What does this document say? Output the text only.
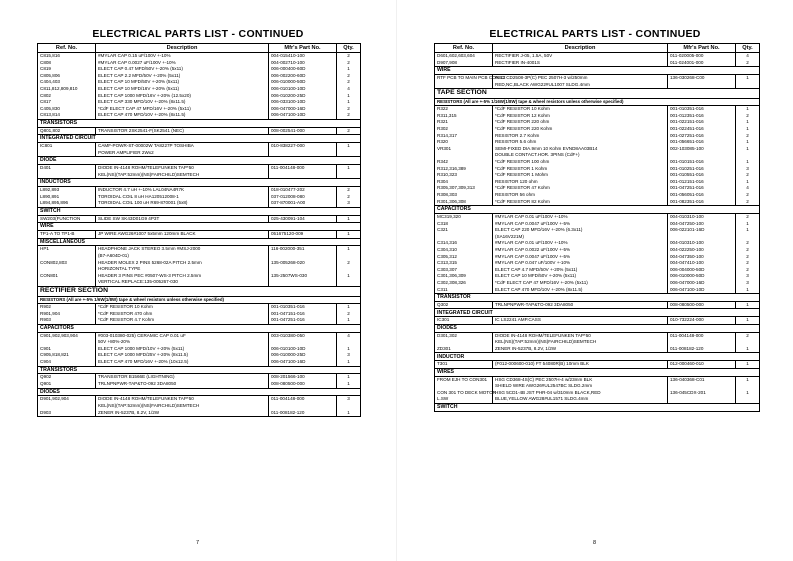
ELECTRICAL PARTS LIST - CONTINUED
Ref. No.	Description	Mfr's Part No.	Qty.
C815,816	#MYLAR CAP 0.15 uF/100V +-10%	004-015410-100	2
C808	#MYLAR CAP 0.0027 uF/100V +-10%	004-002710-100	2
C819	ELECT CAP 0.47 MFD/50V +-20% (5x11)	006-000400-60D	1
C805,806	ELECT CAP 2.2 MFD/50V +-20% (5x11)	006-002200-60D	2
C404,403	ELECT CAP 10 MFD/50V +-20% (5x11)	006-010000-50D	2
C811,812,809,810	ELECT CAP 10 MFD/16V +-20% (5x11)	006-010100-10D	4
C802	ELECT CAP 1000 MFD/16V +-20% (12.5x20)	006-010200-25D	1
C817	ELECT CAP 330 MFD/10V +-20% (8x11.5)	006-033100-10D	1
C405,830	*CdF ELECT CAP 47 MFD/16V +-20% (5x11)	006-047000-16D	2
C813,814	ELECT CAP 470 MFD/10V +-20% (8x11.5)	006-047100-10D	2
TRANSISTORS			
Q801,802	TRANSISTOR 2SK2541-F(SK2541 (NEC)	008-002541-000	2
INTEGRATED CIRCUIT			
IC801	CAMF-POWR-ST-00002W TA8227P TOSHIBA	010-838227-000	1
	POWER AMPLIFIER 2Wx2		
DIODE			
D401	DIODE IN-4148 ROHM/TELEFUNKEN TAP*50	011-004148-000	1
	KEL(NS)(TAP:52mm)(NS)FAIRCHILD)SEMTECH		
INDUCTORS			
L892,893	INDUCTOR 4.7 uH +-10% LAL04NA4R7K	018-010477-202	2
L890,891	TOROIDAL COIL 8 uH HA120512008-1	037-012008-080	2
L894,895,896	TOROIDAL COIL 100 uH R69-870001 (5x8)	037-870001-A00	3
SWITCH			
SW203(FUNCTION	SLIDE SW SK43D01G9 4P3T	025-430091-104	1
WIRE			
TP1-A TO TP1-B	JP WIRE AWG26#1007 5x5mm 120mm BLACK	051675120-009	1
MISCELLANEOUS			
HP1	HEADPHONE JACK STEREO 3.5mm #MSJ-2000	116-002000-351	1
	(B7-A604D-01)		
CON802,803	HEADER MOLEX 2 PINS 5268-02A PITCH 2.5mm	135-005268-020	2
	HORIZONTAL TYPE		
CON801	HEADER 3 PINS PEC #0507-WS-3 PITCH 2.5mm	135-2507WS-030	1
	VERTICAL REPLACE:135-005267-030		
RECTIFIER SECTION			
RESISTORS (All are +-5% 1/6W(1/8W) tape & wheel resistors unless otherwise specified)			
R902	*CdF RESISTOR 10 Kohm	001-010351-016	1
R901,904	*CdF RESISTOR 470 ohm	001-047151-016	2
R903	*CdF RESISTOR 4.7 Kohm	001-047251-016	1
CAPACITORS			
C901,902,903,904	#003-010380-025) CERAMIC CAP 0.01 uF	003-010380-050	4
	50V +80%-20%		
C901	ELECT CAP 1000 MFD/10V +-20% (5x11)	006-010100-10D	1
C905,818,821	ELECT CAP 1000 MFD/25V +-20% (8x11.5)	006-010000-25D	3
C904	ELECT CAP 470 MFD/16V +-20% (10x12.5)	006-047100-16D	1
TRANSISTORS			
Q902	TRANSISTOR B1566E (LIGHTNING)	008-201566-100	1
Q901	TRLNPNPWR-TAP&TO-092 3DA8050	008-080500-000	1
DIODES			
D901,902,904	DIODE IN-4148 ROHM/TELEFUNKEN TAP*50	011-004148-000	3
	KEL(NS)(TAP:52mm)(NS)FAIRCHILD)SEMTECH		
D903	ZENER IN-5237B, 8.2V, 1/2W	011-008182-120	1
7
ELECTRICAL PARTS LIST - CONTINUED
Ref. No.	Description	Mfr's Part No.	Qty.
D601,602,603,604	RECTIFIER J-05, 1.5A, 50V	011-020005-000	4
D907,908	RECTIFIER IN-4001S	011-024001-000	2
WIRE			
RTF PCB TO MAIN PCB CON.12	HSG CD2508-3P(C) PEC 2507H-3 w/250mm	136-030268-C00	1
	RED,NC,BLACK AWG22#UL1007 SLDG.4mm		
TAPE SECTION			
RESISTORS (All are +-5% 1/16W(1/8W) tape & wheel resistors unless otherwise specified)			
R322	*CdF RESISTOR 10 Kohm	001-010351-016	1
R311,315	*CdF RESISTOR 12 Kohm	001-012351-016	2
R321	*CdF RESISTOR 220 ohm	001-022151-016	1
R302	*CdF RESISTOR 220 Kohm	001-022451-016	1
R314,317	RESISTOR 2.7 Kohm	001-027251-016	2
R320	RESISTOR 5.6 ohm	001-056651-016	1
VR301	SEMI-FIXED DIA.9mm 10 Kohm EVND8AA03B14	002-103085-100	1
	DOUBLE CONTACT.HOR. 3PINS (CdF+)		
R342	*CdF RESISTOR 100 ohm	001-010151-016	1
R312,316,389	*CdF RESISTOR 1 Kohm	001-010251-016	3
R310,323	*CdF RESISTOR 1 Mohm	001-010551-016	2
R304	RESISTOR 120 ohm	001-012151-016	1
R305,307,309,313	*CdF RESISTOR 47 Kohm	001-047251-016	4
R308,303	RESISTOR 56 ohm	001-056051-016	2
R301,306,308	*CdF RESISTOR 82 Kohm	001-082351-016	2
CAPACITORS			
MC319,320	#MYLAR CAP 0.01 uF/100V +-10%	004-010310-100	2
C318	#MYLAR CAP 0.0047 uF/100V +-5%	004-047250-100	1
C321	ELECT CAP 220 MFD/16V +-20% (6.3x11)	006-022101-16D	1
	(SA16V221M)		
C314,316	#MYLAR CAP 0.01 uF/100V +-10%	004-010310-100	2
C304,310	#MYLAR CAP 0.0022 uF/100V +-5%	004-022250-100	2
C305,312	#MYLAR CAP 0.0047 uF/100V +-5%	004-047350-100	2
C313,315	#MYLAR CAP 0.047 uF/100V +-10%	004-047410-100	2
C303,307	ELECT CAP 4.7 MFD/50V +-20% (5x11)	006-004000-50D	2
C301,306,309	ELECT CAP 10 MFD/50V +-20% (5x11)	006-010000-50D	3
C302,308,326	*CdF ELECT CAP 47 MFD/16V +-20% (5x11)	006-047000-16D	3
C311	ELECT CAP 470 MFD/10V +-20% (8x11.5)	006-047100-10D	1
TRANSISTOR			
Q302	TRLNPNPWR-TAP&TO-092 3DA8050	008-080500-000	1
INTEGRATED CIRCUIT			
IC301	IC LS2241 AMP.CASS	010-732224-000	1
DIODES			
D301,302	DIODE IN-4148 ROHM/TELEFUNKEN TAP*50	011-004148-000	2
	KEL(NS)(TAP:52mm)(NS)FAIRCHILD)SEMTECH		
ZD301	ZENER IN-5237B, 8.2V, 1/2W	011-008182-120	1
INDUCTOR			
T301	(F012-000600-010) FT 54080R(B) 10mm BLK	012-000460-010	1
WIRES			
FROM EJH TO CON301	HSG CD368-4S(C) PEC 2507H-4 w/23mm BLK	136-040368-C01	1
	SHIELD WIRE AWG26#UL2547BC SLDG.2mm		
CON 301 TO DECK MOTOR	HSG 5CD1-4B JST PHR-04 w/310mm BLACK,RED	136-045CDX-201	1
L.SW	BLUE,YELLOW AWG28#UL1571 SLDG.4mm		
SWITCH			
8
